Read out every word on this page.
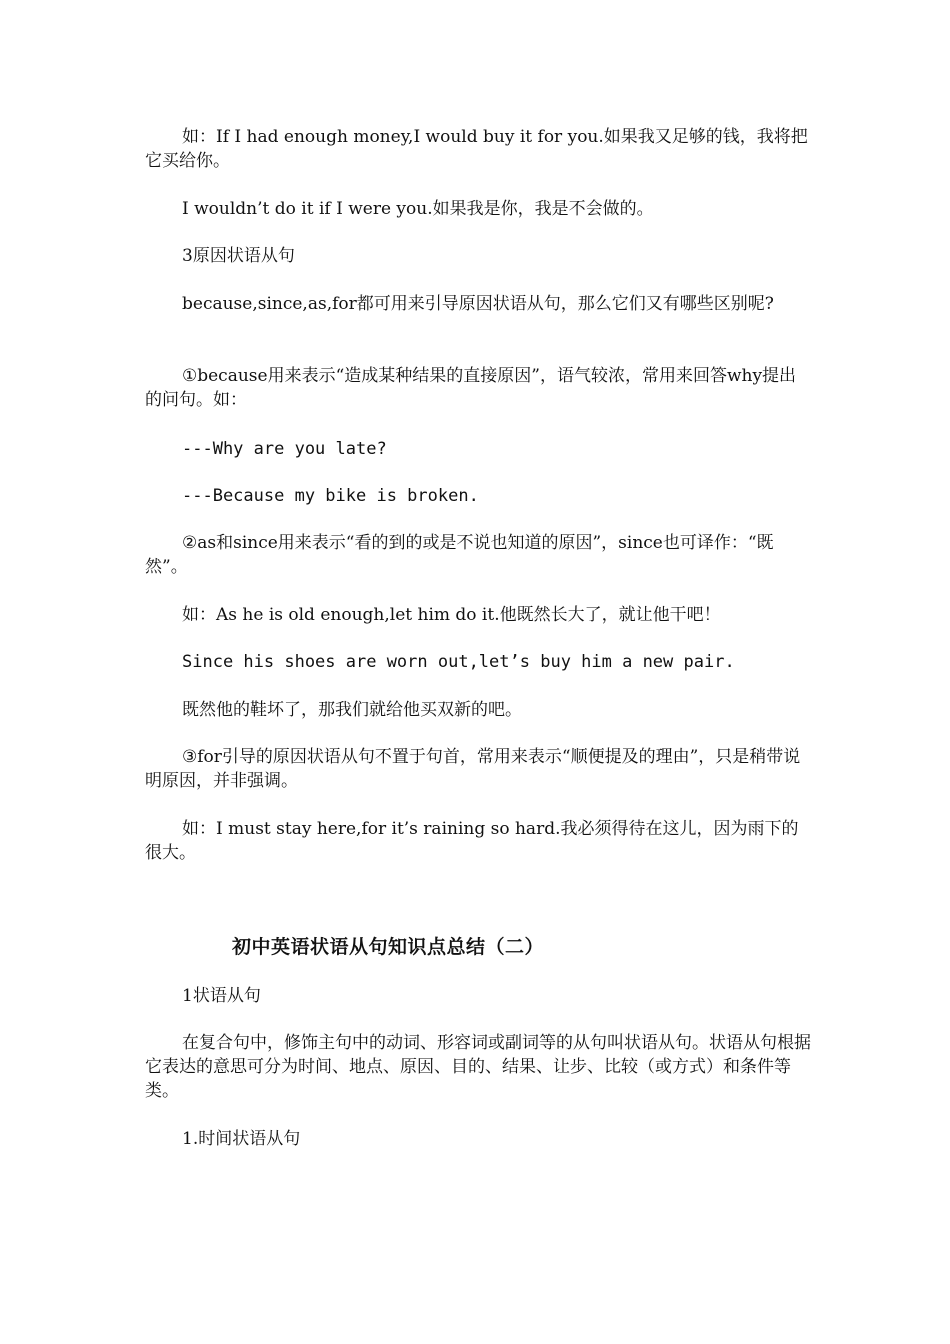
如：If I had enough money,I would buy it for you.如果我又足够的钱，我将把它买给你。

I wouldn’t do it if I were you.如果我是你，我是不会做的。

3原因状语从句

because,since,as,for都可用来引导原因状语从句，那么它们又有哪些区别呢?

①because用来表示“造成某种结果的直接原因”，语气较浓，常用来回答why提出的问句。如：

---Why are you late?

---Because my bike is broken.

②as和since用来表示“看的到的或是不说也知道的原因”，since也可译作：“既然”。

如：As he is old enough,let him do it.他既然长大了，就让他干吧！

Since his shoes are worn out,let’s buy him a new pair.

既然他的鞋坏了，那我们就给他买双新的吧。

③for引导的原因状语从句不置于句首，常用来表示“顺便提及的理由”，只是稍带说明原因，并非强调。

如：I must stay here,for it’s raining so hard.我必须得待在这儿，因为雨下的很大。

初中英语状语从句知识点总结（二）

1状语从句

在复合句中，修饰主句中的动词、形容词或副词等的从句叫状语从句。状语从句根据它表达的意思可分为时间、地点、原因、目的、结果、让步、比较（或方式）和条件等类。

1.时间状语从句
